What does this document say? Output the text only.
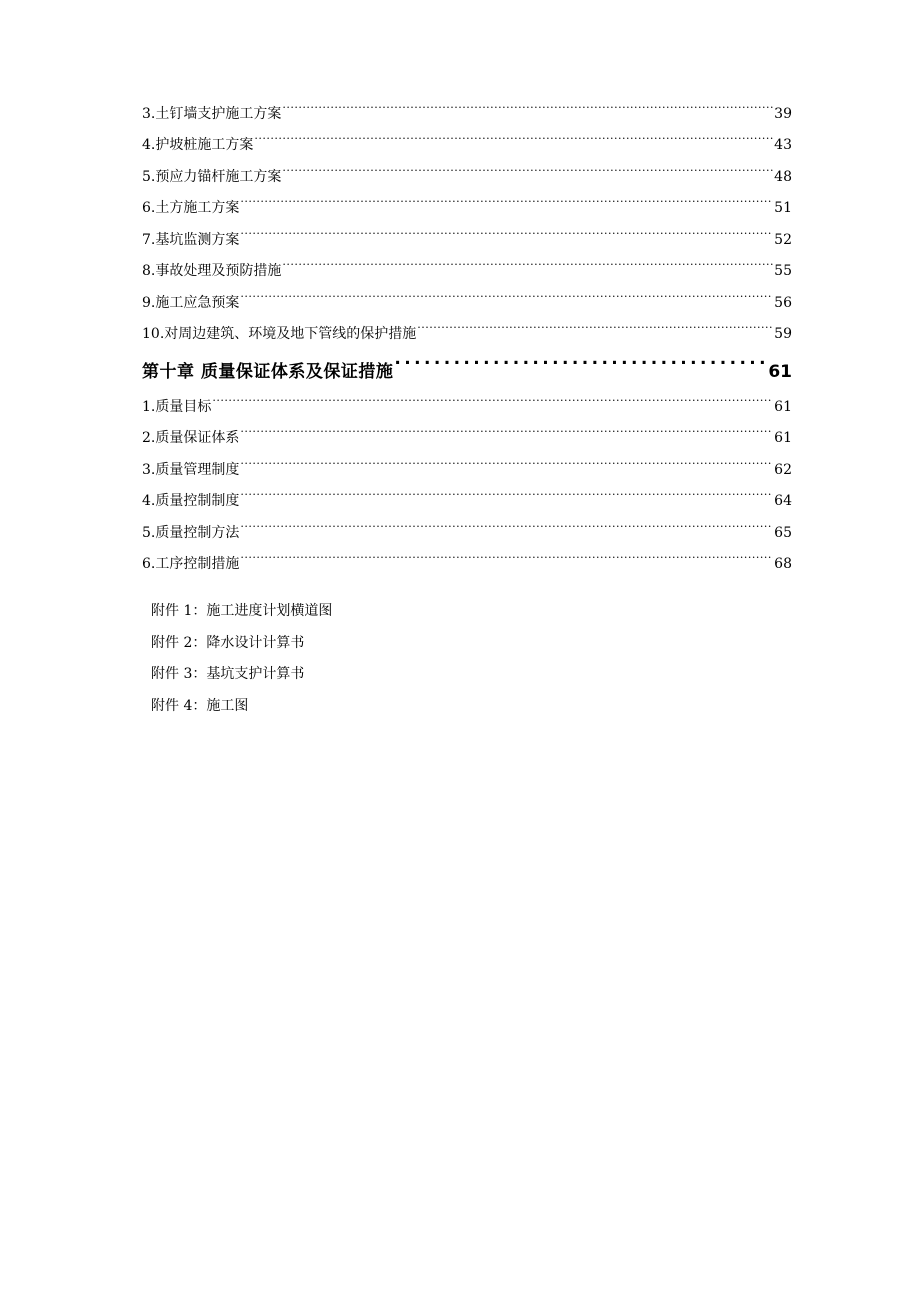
3.土钉墙支护施工方案 .....	39
4.护坡桩施工方案 .....	43
5.预应力锚杆施工方案 .....	48
6.土方施工方案 .....	51
7.基坑监测方案 .....	52
8.事故处理及预防措施 .....	55
9.施工应急预案 .....	56
10.对周边建筑、环境及地下管线的保护措施 .....	59
第十章 质量保证体系及保证措施 .....	61
1.质量目标 .....	61
2.质量保证体系 .....	61
3.质量管理制度 .....	62
4.质量控制制度 .....	64
5.质量控制方法 .....	65
6.工序控制措施 .....	68
附件 1：施工进度计划横道图
附件 2：降水设计计算书
附件 3：基坑支护计算书
附件 4：施工图
